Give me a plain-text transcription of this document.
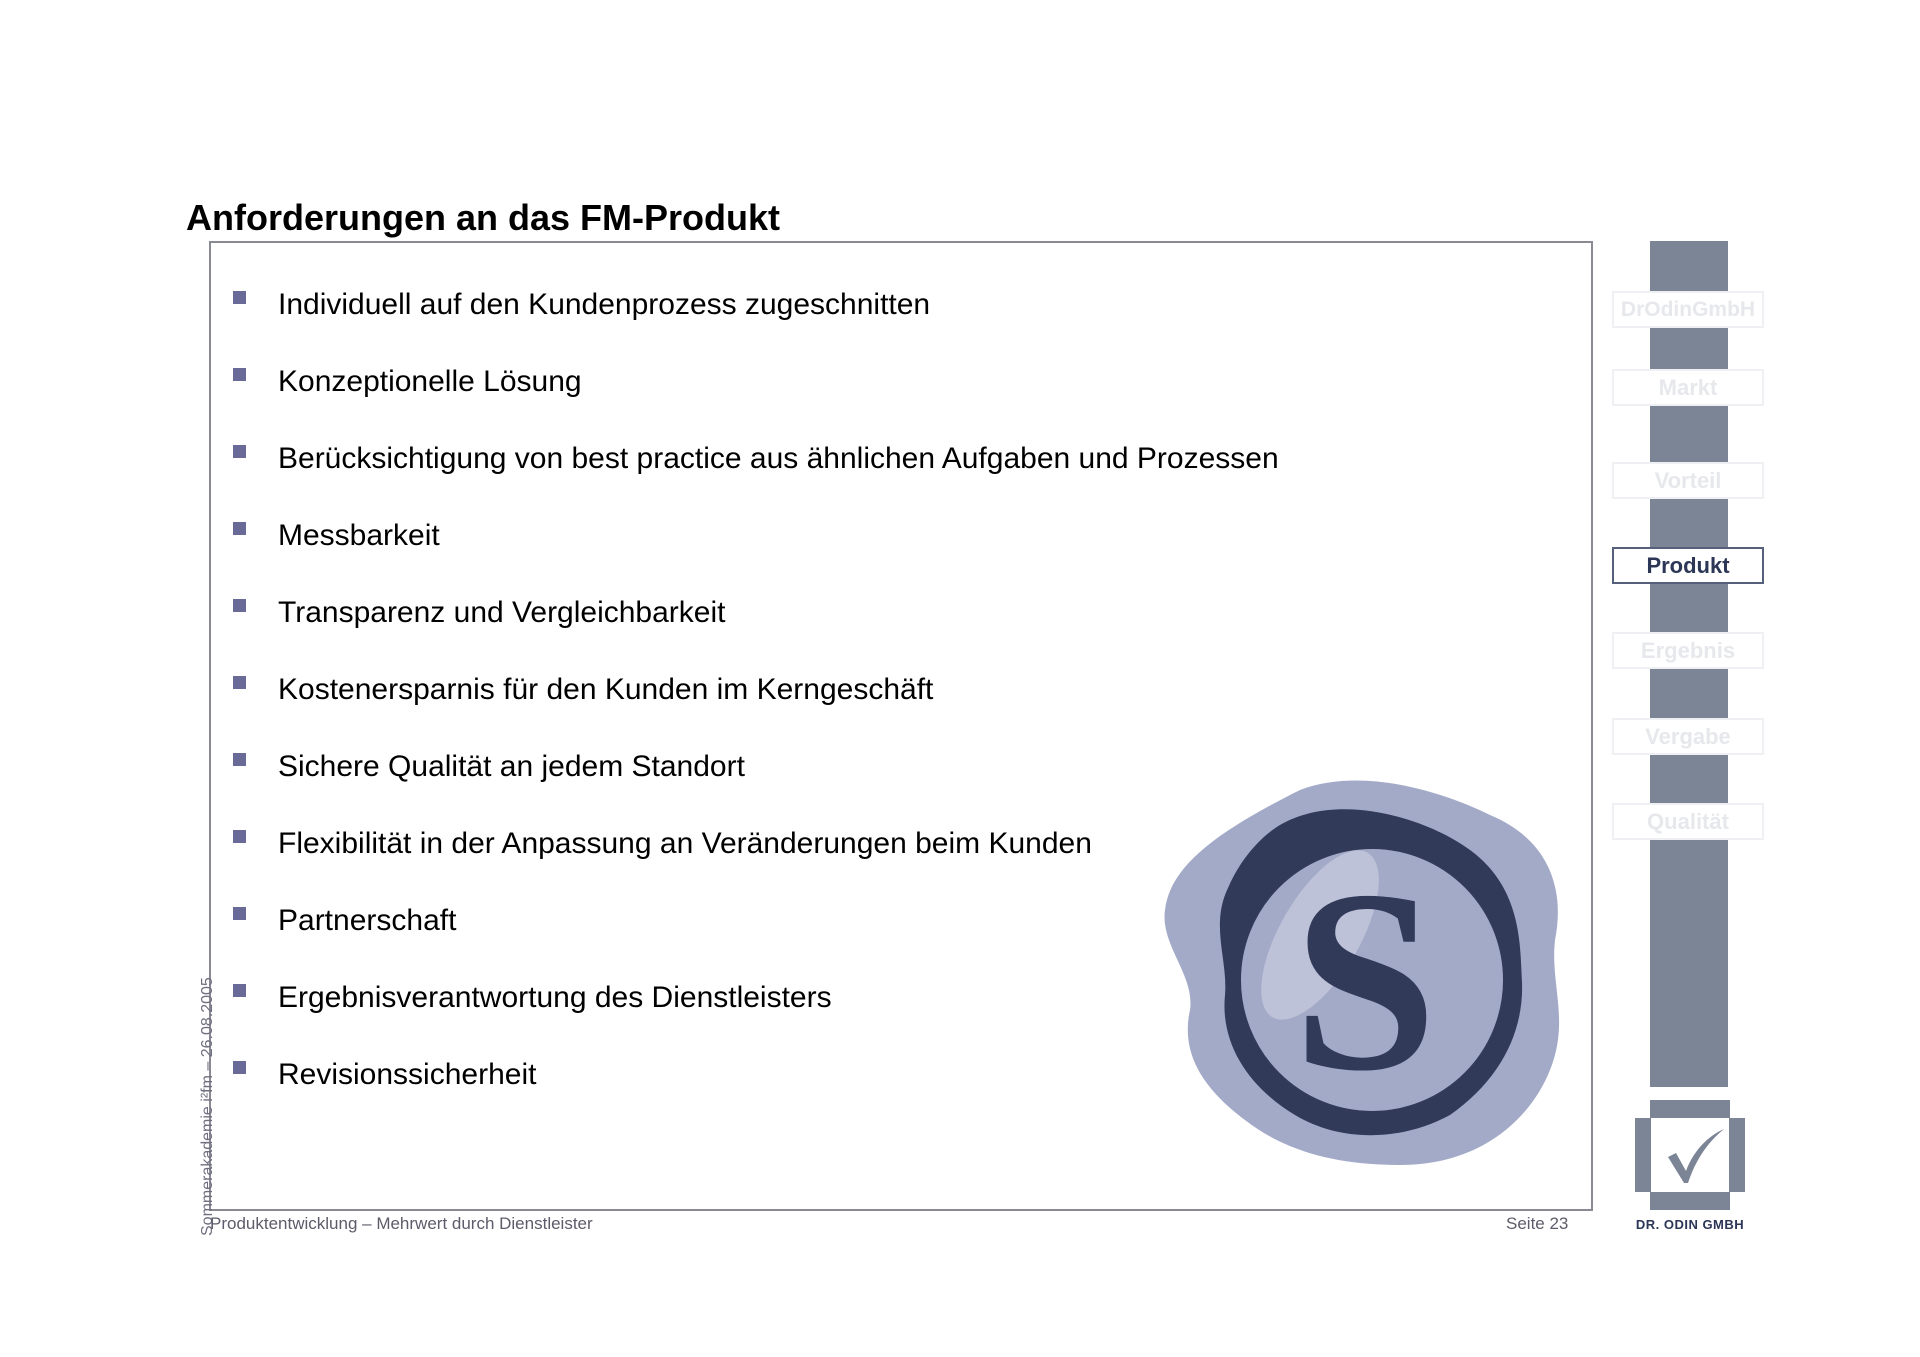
Anforderungen an das FM-Produkt
Individuell auf den Kundenprozess zugeschnitten
Konzeptionelle Lösung
Berücksichtigung von best practice aus ähnlichen Aufgaben und Prozessen
Messbarkeit
Transparenz und Vergleichbarkeit
Kostenersparnis für den Kunden im Kerngeschäft
Sichere Qualität an jedem Standort
Flexibilität in der Anpassung an Veränderungen beim Kunden
Partnerschaft
Ergebnisverantwortung des Dienstleisters
Revisionssicherheit	S
Sommerakademie i²fm – 26.08.2005
Produktentwicklung – Mehrwert durch Dienstleister	Seite 23
DrOdinGmbH
Markt
Vorteil
Produkt
Ergebnis
Vergabe
Qualität
DR. ODIN GMBH
